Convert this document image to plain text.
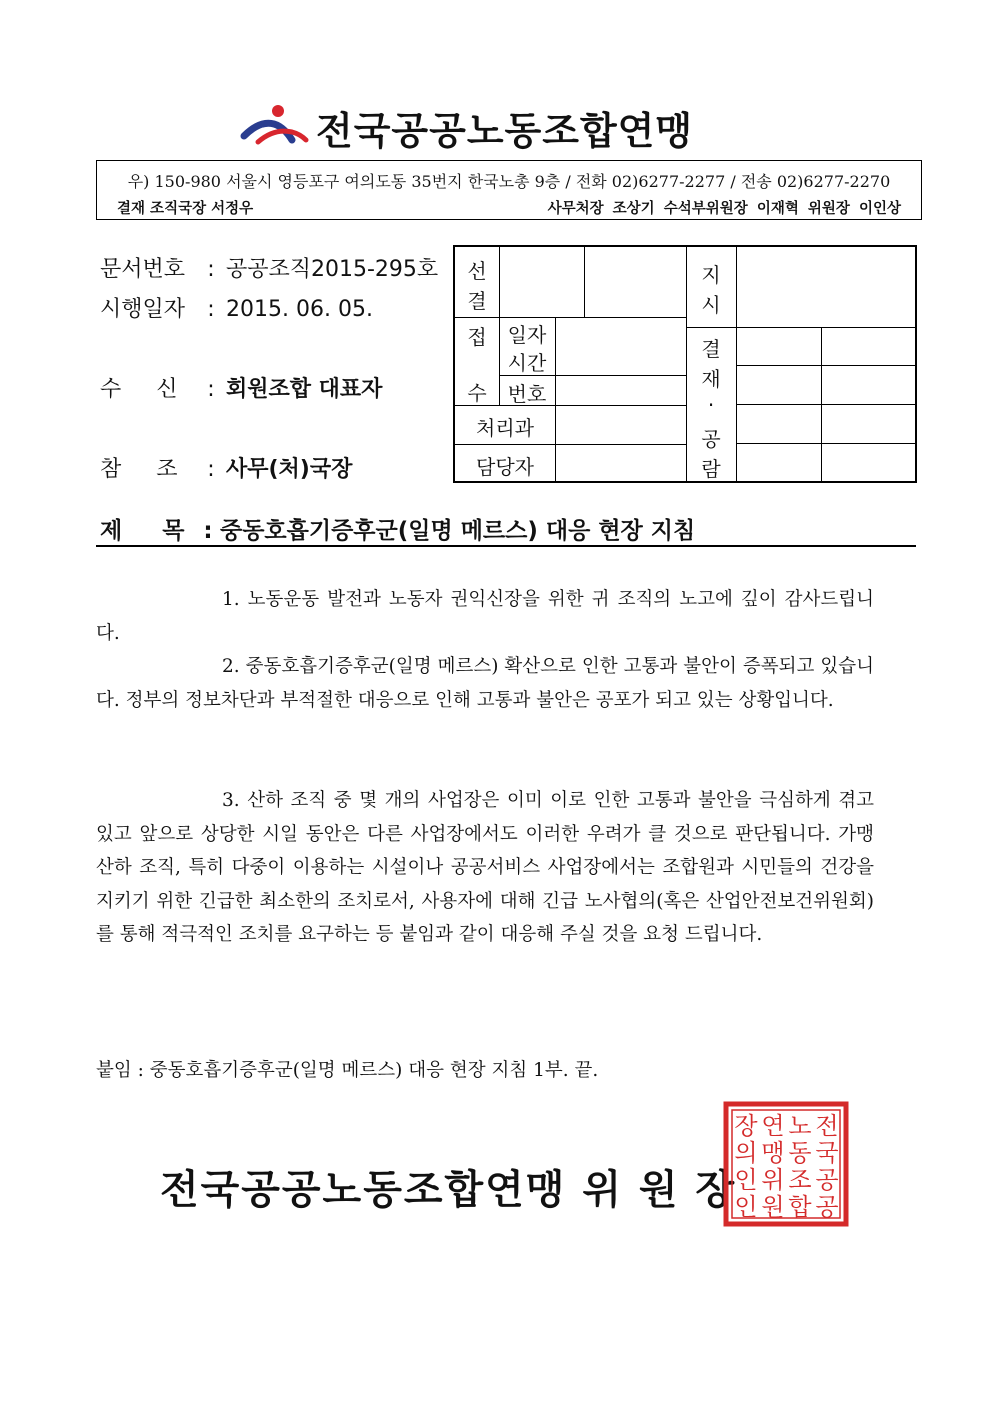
전국공공노동조합연맹
우) 150-980 서울시 영등포구 여의도동 35번지 한국노총 9층 / 전화 02)6277-2277 / 전송 02)6277-2270
결재 조직국장 서정우	사무처장 조상기 수석부위원장 이재혁 위원장 이인상
문서번호 : 공공조직2015-295호
시행일자 : 2015. 06. 05.
수     신 : 회원조합 대표자
참     조 : 사무(처)국장
선
결
접
수
일자
시간
번호
처리과
담당자
지
시
결
재
·
공
람
제     목 : 중동호흡기증후군(일명 메르스) 대응 현장 지침
1. 노동운동 발전과 노동자 권익신장을 위한 귀 조직의 노고에 깊이 감사드립니다.
2. 중동호흡기증후군(일명 메르스) 확산으로 인한 고통과 불안이 증폭되고 있습니다. 정부의 정보차단과 부적절한 대응으로 인해 고통과 불안은 공포가 되고 있는 상황입니다.
3. 산하 조직 중 몇 개의 사업장은 이미 이로 인한 고통과 불안을 극심하게 겪고 있고 앞으로 상당한 시일 동안은 다른 사업장에서도 이러한 우려가 클 것으로 판단됩니다. 가맹 산하 조직, 특히 다중이 이용하는 시설이나 공공서비스 사업장에서는 조합원과 시민들의 건강을 지키기 위한 긴급한 최소한의 조치로서, 사용자에 대해 긴급 노사협의(혹은 산업안전보건위원회)를 통해 적극적인 조치를 요구하는 등 붙임과 같이 대응해 주실 것을 요청 드립니다.
붙임 : 중동호흡기증후군(일명 메르스) 대응 현장 지침 1부. 끝.
전국공공노동조합연맹 위 원 장
전
국
공
공
노
동
조
합
연
맹
위
원
장
의
인
인
